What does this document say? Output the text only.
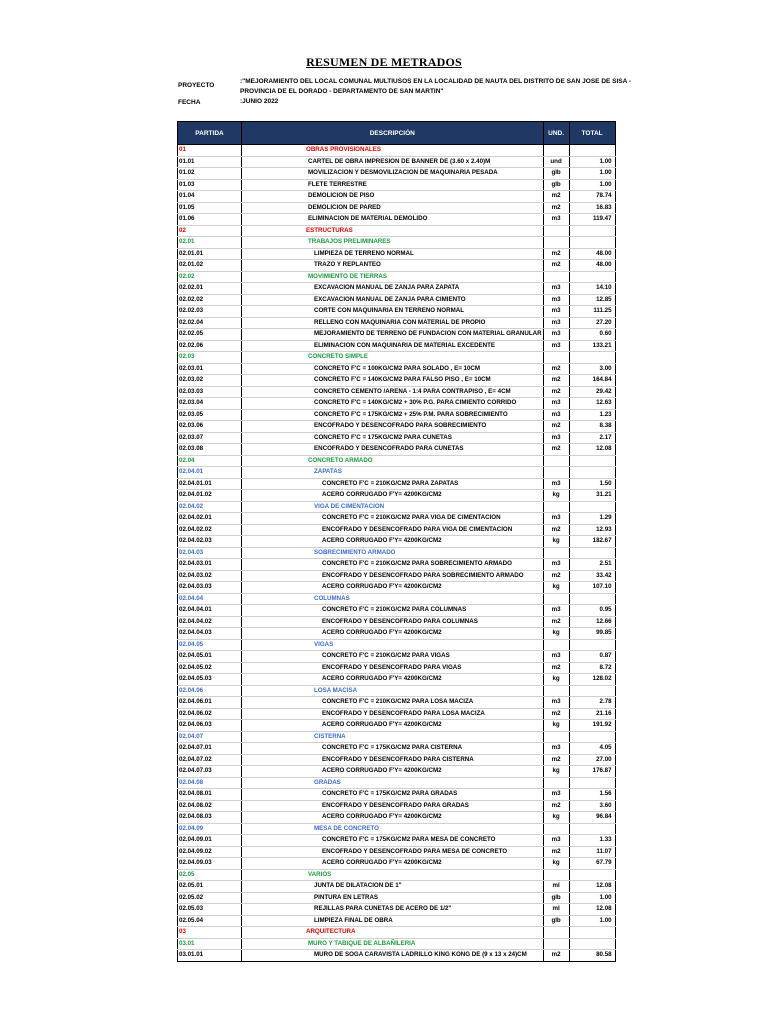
RESUMEN DE METRADOS
PROYECTO
:"MEJORAMIENTO DEL LOCAL COMUNAL MULTIUSOS EN LA LOCALIDAD DE NAUTA DEL DISTRITO DE SAN JOSE DE SISA - PROVINCIA DE EL DORADO - DEPARTAMENTO DE SAN MARTIN"
FECHA	:JUNIO 2022
PARTIDA	DESCRIPCIÓN	UND.	TOTAL
01	OBRAS PROVISIONALES		
01.01	CARTEL DE OBRA IMPRESION DE BANNER DE (3.60 x 2.40)M	und	1.00
01.02	MOVILIZACION Y DESMOVILIZACION DE MAQUINARIA PESADA	glb	1.00
01.03	FLETE TERRESTRE	glb	1.00
01.04	DEMOLICION DE PISO	m2	78.74
01.05	DEMOLICION DE PARED	m2	16.83
01.06	ELIMINACION DE MATERIAL DEMOLIDO	m3	119.47
02	ESTRUCTURAS		
02.01	TRABAJOS PRELIMINARES		
02.01.01	LIMPIEZA DE TERRENO NORMAL	m2	48.00
02.01.02	TRAZO Y REPLANTEO	m2	48.00
02.02	MOVIMIENTO DE TIERRAS		
02.02.01	EXCAVACION MANUAL DE ZANJA PARA ZAPATA	m3	14.10
02.02.02	EXCAVACION MANUAL DE ZANJA PARA CIMIENTO	m3	12.85
02.02.03	CORTE CON MAQUINARIA EN TERRENO NORMAL	m3	111.25
02.02.04	RELLENO CON MAQUINARIA CON MATERIAL DE PROPIO	m3	27.20
02.02.05	MEJORAMIENTO DE TERRENO DE FUNDACION CON MATERIAL GRANULAR	m3	0.60
02.02.06	ELIMINACION CON MAQUINARIA DE MATERIAL EXCEDENTE	m3	133.21
02.03	CONCRETO SIMPLE		
02.03.01	CONCRETO F'C = 100KG/CM2 PARA SOLADO , E= 10CM	m2	3.00
02.03.02	CONCRETO F'C = 140KG/CM2 PARA FALSO PISO , E= 10CM	m2	164.84
02.03.03	CONCRETO CEMENTO /ARENA - 1:4 PARA CONTRAPISO , E= 4CM	m2	29.42
02.03.04	CONCRETO F'C = 140KG/CM2 + 30% P.G. PARA CIMIENTO CORRIDO	m3	12.63
02.03.05	CONCRETO F'C = 175KG/CM2 + 25% P.M. PARA SOBRECIMIENTO	m3	1.23
02.03.06	ENCOFRADO Y DESENCOFRADO PARA SOBRECIMIENTO	m2	8.38
02.03.07	CONCRETO F'C = 175KG/CM2 PARA CUNETAS	m3	2.17
02.03.08	ENCOFRADO Y DESENCOFRADO PARA CUNETAS	m2	12.08
02.04	CONCRETO ARMADO		
02.04.01	ZAPATAS		
02.04.01.01	CONCRETO F'C = 210KG/CM2 PARA ZAPATAS	m3	1.50
02.04.01.02	ACERO CORRUGADO F'Y= 4200KG/CM2	kg	31.21
02.04.02	VIGA DE CIMENTACION		
02.04.02.01	CONCRETO F'C = 210KG/CM2 PARA VIGA DE CIMENTACION	m3	1.29
02.04.02.02	ENCOFRADO Y DESENCOFRADO PARA VIGA DE CIMENTACION	m2	12.93
02.04.02.03	ACERO CORRUGADO F'Y= 4200KG/CM2	kg	182.67
02.04.03	SOBRECIMIENTO ARMADO		
02.04.03.01	CONCRETO F'C = 210KG/CM2 PARA SOBRECIMIENTO ARMADO	m3	2.51
02.04.03.02	ENCOFRADO Y DESENCOFRADO PARA SOBRECIMIENTO ARMADO	m2	33.42
02.04.03.03	ACERO CORRUGADO F'Y= 4200KG/CM2	kg	107.10
02.04.04	COLUMNAS		
02.04.04.01	CONCRETO F'C = 210KG/CM2 PARA COLUMNAS	m3	0.95
02.04.04.02	ENCOFRADO Y DESENCOFRADO PARA COLUMNAS	m2	12.66
02.04.04.03	ACERO CORRUGADO F'Y= 4200KG/CM2	kg	99.85
02.04.05	VIGAS		
02.04.05.01	CONCRETO F'C = 210KG/CM2 PARA VIGAS	m3	0.87
02.04.05.02	ENCOFRADO Y DESENCOFRADO PARA VIGAS	m2	8.72
02.04.05.03	ACERO CORRUGADO F'Y= 4200KG/CM2	kg	128.02
02.04.06	LOSA MACISA		
02.04.06.01	CONCRETO F'C = 210KG/CM2 PARA LOSA MACIZA	m3	2.78
02.04.06.02	ENCOFRADO Y DESENCOFRADO PARA LOSA MACIZA	m2	21.16
02.04.06.03	ACERO CORRUGADO F'Y= 4200KG/CM2	kg	191.92
02.04.07	CISTERNA		
02.04.07.01	CONCRETO F'C = 175KG/CM2 PARA CISTERNA	m3	4.05
02.04.07.02	ENCOFRADO Y DESENCOFRADO PARA CISTERNA	m2	27.00
02.04.07.03	ACERO CORRUGADO F'Y= 4200KG/CM2	kg	176.87
02.04.08	GRADAS		
02.04.08.01	CONCRETO F'C = 175KG/CM2 PARA GRADAS	m3	1.56
02.04.08.02	ENCOFRADO Y DESENCOFRADO PARA GRADAS	m2	3.60
02.04.08.03	ACERO CORRUGADO F'Y= 4200KG/CM2	kg	96.84
02.04.09	MESA DE CONCRETO		
02.04.09.01	CONCRETO F'C = 175KG/CM2 PARA MESA DE CONCRETO	m3	1.33
02.04.09.02	ENCOFRADO Y DESENCOFRADO PARA MESA DE CONCRETO	m2	11.07
02.04.09.03	ACERO CORRUGADO F'Y= 4200KG/CM2	kg	67.79
02.05	VARIOS		
02.05.01	JUNTA DE DILATACION DE 1"	ml	12.08
02.05.02	PINTURA EN LETRAS	glb	1.00
02.05.03	REJILLAS PARA CUNETAS DE ACERO DE 1/2"	ml	12.08
02.05.04	LIMPIEZA FINAL DE OBRA	glb	1.00
03	ARQUITECTURA		
03.01	MURO Y TABIQUE DE ALBAÑILERIA		
03.01.01	MURO DE SOGA CARAVISTA LADRILLO KING KONG DE (9 x 13 x 24)CM	m2	80.58
